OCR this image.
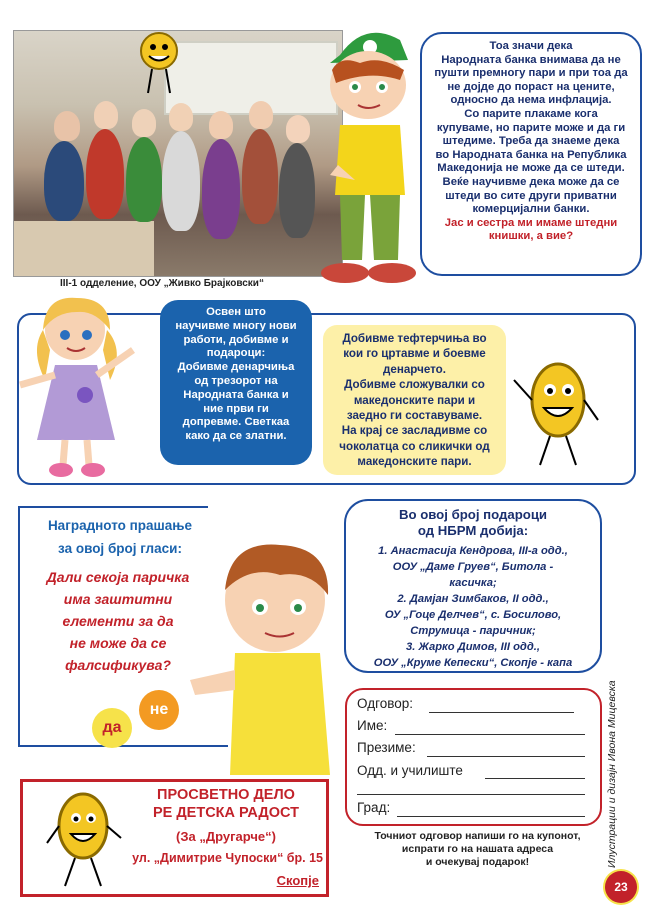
III-1 одделение, ООУ „Живко Брајковски“
Тоа значи дека
Народната банка внимава да не
пушти премногу пари и при тоа да
не дојде до пораст на цените,
односно да нема инфлација.
Со парите плакаме кога
купуваме, но парите може и да ги
штедиме. Треба да знаеме дека
во Народната банка на Република
Македонија не може да се штеди.
Веќе научивме дека може да се
штеди во сите други приватни
комерцијални банки.
Јас и сестра ми имаме штедни
книшки, а вие?
Освен што
научивме многу нови
работи, добивме и
подароци:
Добивме денарчиња
од трезорот на
Народната банка и
ние први ги
допревме. Светкаа
како да се златни.
Добивме тефтерчиња во
кои го цртавме и боевме
денарчето.
Добивме сложувалки со
македонските пари и
заедно ги составуваме.
На крај се засладивме со
чоколатца со сликички од
македонските пари.
Наградното прашање
за овој број гласи:
Дали секоја паричка
има заштитни
елементи за да
не може да се
фалсификува?
да
не
Во овој број подароци
од НБРМ добија:
1. Анастасија Кендрова, III-а одд.,
ООУ „Даме Груев“, Битола -
касичка;
2. Дамјан Зимбаков, II одд.,
ОУ „Гоце Делчев“, с. Босилово,
Струмица - паричник;
3. Жарко Димов, III одд.,
ООУ „Круме Кепески“, Скопје - капа
Одговор:
Име:
Презиме:
Одд. и училиште
Град:
Точниот одговор напиши го на купонот,
испрати го на нашата адреса
и очекувај подарок!
ПРОСВЕТНО ДЕЛО
РЕ ДЕТСКА РАДОСТ
(За „Другарче“)
ул. „Димитрие Чупоски“ бр. 15
Скопје
Илустрации и дизајн Ивона Мицевска
23
